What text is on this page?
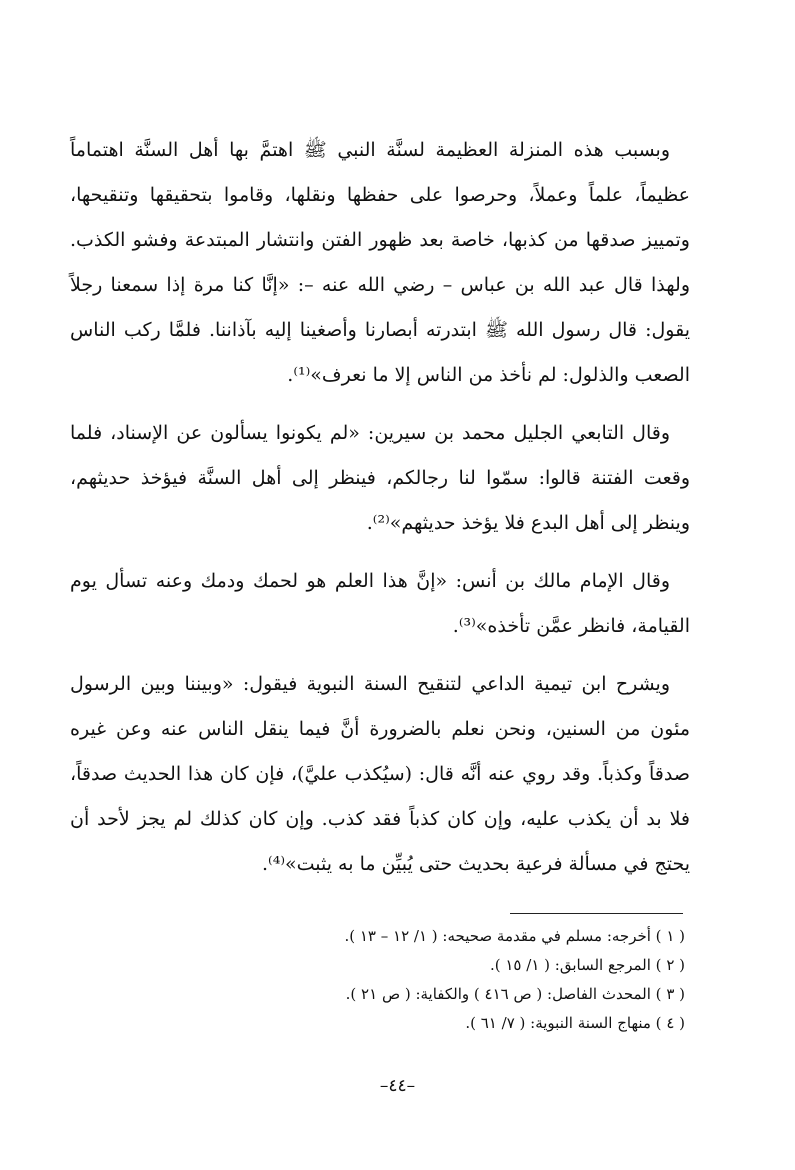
وبسبب هذه المنزلة العظيمة لسنَّة النبي ﷺ اهتمَّ بها أهل السنَّة اهتماماً عظيماً، علماً وعملاً، وحرصوا على حفظها ونقلها، وقاموا بتحقيقها وتنقيحها، وتمييز صدقها من كذبها، خاصة بعد ظهور الفتن وانتشار المبتدعة وفشو الكذب. ولهذا قال عبد الله بن عباس – رضي الله عنه –: «إنَّا كنا مرة إذا سمعنا رجلاً يقول: قال رسول الله ﷺ ابتدرته أبصارنا وأصغينا إليه بآذاننا. فلمَّا ركب الناس الصعب والذلول: لم نأخذ من الناس إلا ما نعرف»⁽¹⁾.

وقال التابعي الجليل محمد بن سيرين: «لم يكونوا يسألون عن الإسناد، فلما وقعت الفتنة قالوا: سمّوا لنا رجالكم، فينظر إلى أهل السنَّة فيؤخذ حديثهم، وينظر إلى أهل البدع فلا يؤخذ حديثهم»⁽²⁾.

وقال الإمام مالك بن أنس: «إنَّ هذا العلم هو لحمك ودمك وعنه تسأل يوم القيامة، فانظر عمَّن تأخذه»⁽³⁾.

ويشرح ابن تيمية الداعي لتنقيح السنة النبوية فيقول: «وبيننا وبين الرسول مئون من السنين، ونحن نعلم بالضرورة أنَّ فيما ينقل الناس عنه وعن غيره صدقاً وكذباً. وقد روي عنه أنَّه قال: (سيُكذب عليَّ)، فإن كان هذا الحديث صدقاً، فلا بد أن يكذب عليه، وإن كان كذباً فقد كذب. وإن كان كذلك لم يجز لأحد أن يحتج في مسألة فرعية بحديث حتى يُبيِّن ما به يثبت»⁽⁴⁾.

( ١ ) أخرجه: مسلم في مقدمة صحيحه: ( ١/ ١٢ – ١٣ ).

( ٢ ) المرجع السابق: ( ١/ ١٥ ).

( ٣ ) المحدث الفاصل: ( ص ٤١٦ ) والكفاية: ( ص ٢١ ).

( ٤ ) منهاج السنة النبوية: ( ٧/ ٦١ ).

–٤٤–
